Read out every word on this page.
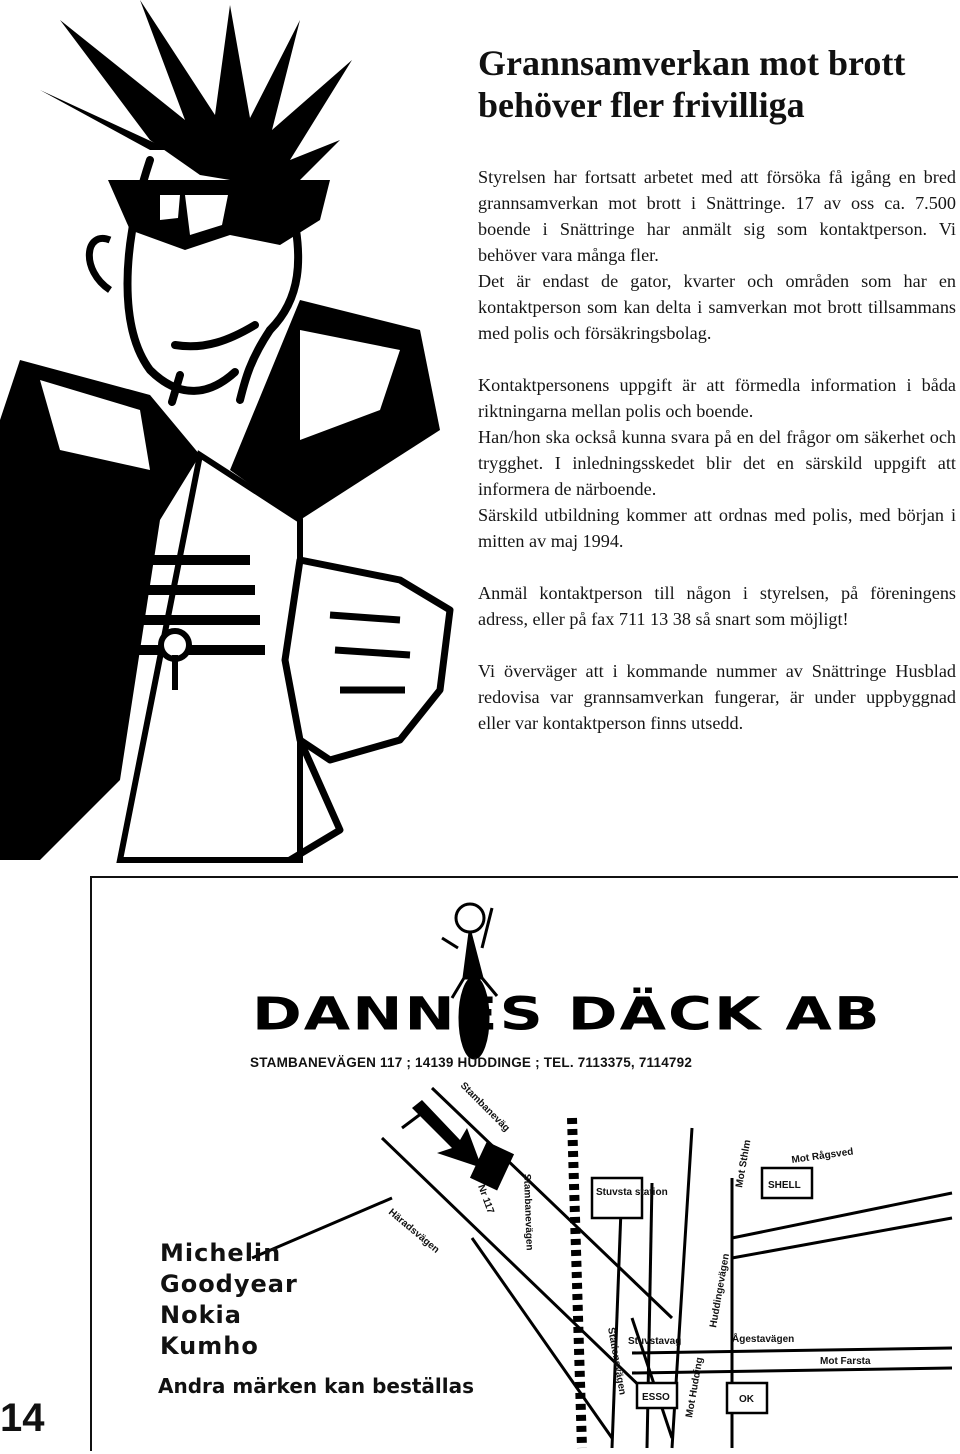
Grannsamverkan mot brott behöver fler frivilliga

Styrelsen har fortsatt arbetet med att försöka få igång en bred grannsamverkan mot brott i Snättringe. 17 av oss ca. 7.500 boende i Snättringe har anmält sig som kontaktperson. Vi behöver vara många fler.

Det är endast de gator, kvarter och områden som har en kontaktperson som kan delta i samverkan mot brott tillsammans med polis och försäkringsbolag.

Kontaktpersonens uppgift är att förmedla information i båda riktningarna mellan polis och boende.

Han/hon ska också kunna svara på en del frågor om säkerhet och trygghet. I inledningsskedet blir det en särskild uppgift att informera de närboende.

Särskild utbildning kommer att ordnas med polis, med början i mitten av maj 1994.

Anmäl kontaktperson till någon i styrelsen, på föreningens adress, eller på fax 711 13 38 så snart som möjligt!

Vi överväger att i kommande nummer av Snättringe Husblad redovisa var grannsamverkan fungerar, är under uppbyggnad eller var kontaktperson finns utsedd.

Stambaneväg
Nr 117
Häradsvägen	Stambanevägen	Stuvsta station
Mot Sthlm	Mot Rågsved
SHELL
Huddingevägen
Stuvstavag	Ågestavägen
Mot Farsta
ESSO	OK
Mot Hudding
Stationsvägen

DANNES DÄCK AB

STAMBANEVÄGEN 117 ; 14139 HUDDINGE ; TEL. 7113375, 7114792
Michelin
Goodyear
Nokia
Kumho
Andra märken kan beställas
14
